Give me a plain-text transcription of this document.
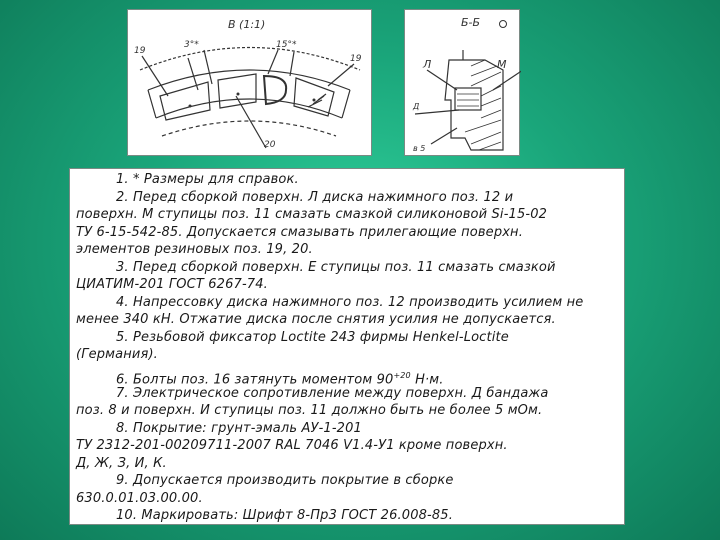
В (1:1)
19
19
20
3°*	15°*
Б-Б
Л	М
Д
в 5
1. * Размеры для справок.
2. Перед сборкой поверхн. Л диска нажимного поз. 12 и
поверхн. М ступицы поз. 11 смазать смазкой силиконовой Si-15-02
ТУ 6-15-542-85. Допускается смазывать прилегающие поверхн.
элементов резиновых поз. 19, 20.
3. Перед сборкой поверхн. Е ступицы поз. 11 смазать смазкой
ЦИАТИМ-201 ГОСТ 6267-74.
4. Напрессовку диска нажимного поз. 12 производить усилием не
менее 340 кН. Отжатие диска после снятия усилия не допускается.
5. Резьбовой фиксатор Loctite 243 фирмы Henkel-Loctite
(Германия).
6. Болты поз. 16 затянуть моментом $90^{+20}$ Н·м.
7. Электрическое сопротивление между поверхн. Д бандажа
поз. 8 и поверхн. И ступицы поз. 11 должно быть не более 5 мОм.
8. Покрытие: грунт-эмаль АУ-1-201
ТУ 2312-201-00209711-2007 RAL 7046 V1.4-У1 кроме поверхн.
Д, Ж, З, И, К.
9. Допускается производить покрытие в сборке
630.0.01.03.00.00.
10. Маркировать: Шрифт 8-Пр3 ГОСТ 26.008-85.
